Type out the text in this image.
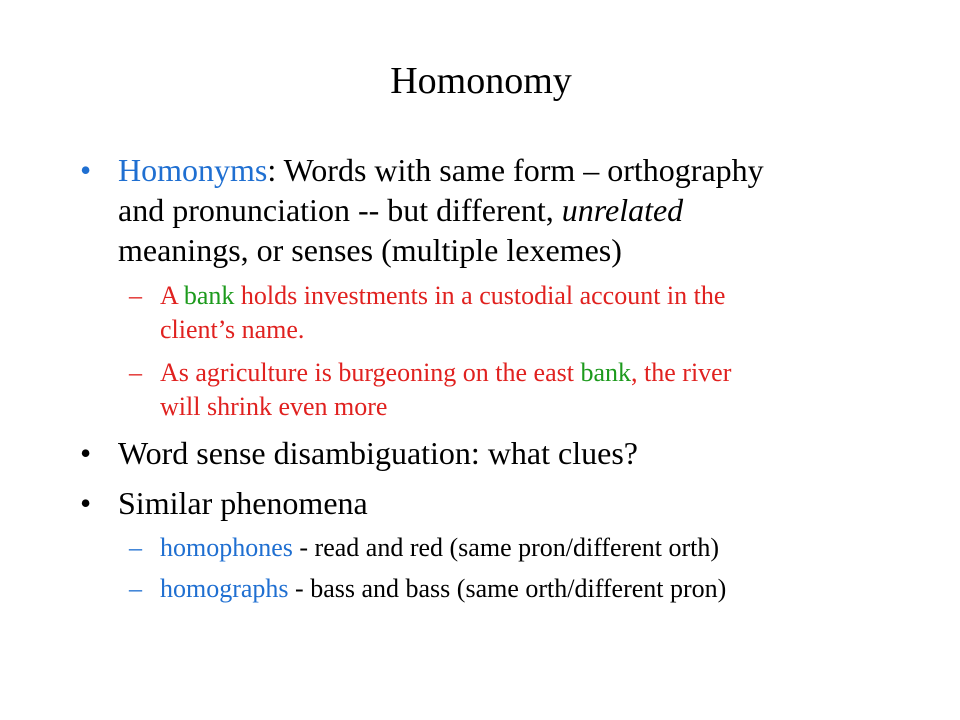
Homonomy
• Homonyms: Words with same form – orthography
and pronunciation -- but different, unrelated
meanings, or senses (multiple lexemes)

– A bank holds investments in a custodial account in the
client’s name.

– As agriculture is burgeoning on the east bank, the river
will shrink even more

• Word sense disambiguation: what clues?

• Similar phenomena

– homophones - read and red (same pron/different orth)

– homographs - bass and bass (same orth/different pron)
